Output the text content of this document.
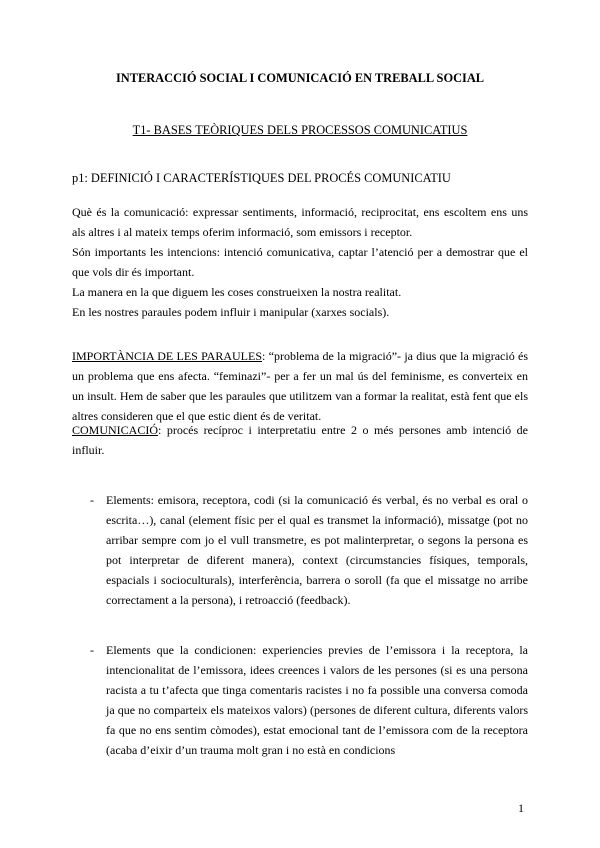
INTERACCIÓ SOCIAL I COMUNICACIÓ EN TREBALL SOCIAL
T1- BASES TEÒRIQUES DELS PROCESSOS COMUNICATIUS
p1: DEFINICIÓ I CARACTERÍSTIQUES DEL PROCÉS COMUNICATIU

Què és la comunicació: expressar sentiments, informació, reciprocitat, ens escoltem ens uns als altres i al mateix temps oferim informació, som emissors i receptor.

Són importants les intencions: intenció comunicativa, captar l’atenció per a demostrar que el que vols dir és important.

La manera en la que diguem les coses construeixen la nostra realitat.

En les nostres paraules podem influir i manipular (xarxes socials).

IMPORTÀNCIA DE LES PARAULES: “problema de la migració”- ja dius que la migració és un problema que ens afecta. “feminazi”- per a fer un mal ús del feminisme, es converteix en un insult. Hem de saber que les paraules que utilitzem van a formar la realitat, està fent que els altres consideren que el que estic dient és de veritat.

COMUNICACIÓ: procés recíproc i interpretatiu entre 2 o més persones amb intenció de influir.

- Elements: emisora, receptora, codi (si la comunicació és verbal, és no verbal es oral o escrita…), canal (element físic per el qual es transmet la informació), missatge (pot no arribar sempre com jo el vull transmetre, es pot malinterpretar, o segons la persona es pot interpretar de diferent manera), context (circumstancies físiques, temporals, espacials i socioculturals), interferència, barrera o soroll (fa que el missatge no arribe correctament a la persona), i retroacció (feedback).
- Elements que la condicionen: experiencies previes de l’emissora i la receptora, la intencionalitat de l’emissora, idees creences i valors de les persones (si es una persona racista a tu t’afecta que tinga comentaris racistes i no fa possible una conversa comoda ja que no comparteix els mateixos valors) (persones de diferent cultura, diferents valors fa que no ens sentim còmodes), estat emocional tant de l’emissora com de la receptora (acaba d’eixir d’un trauma molt gran i no està en condicions
1
